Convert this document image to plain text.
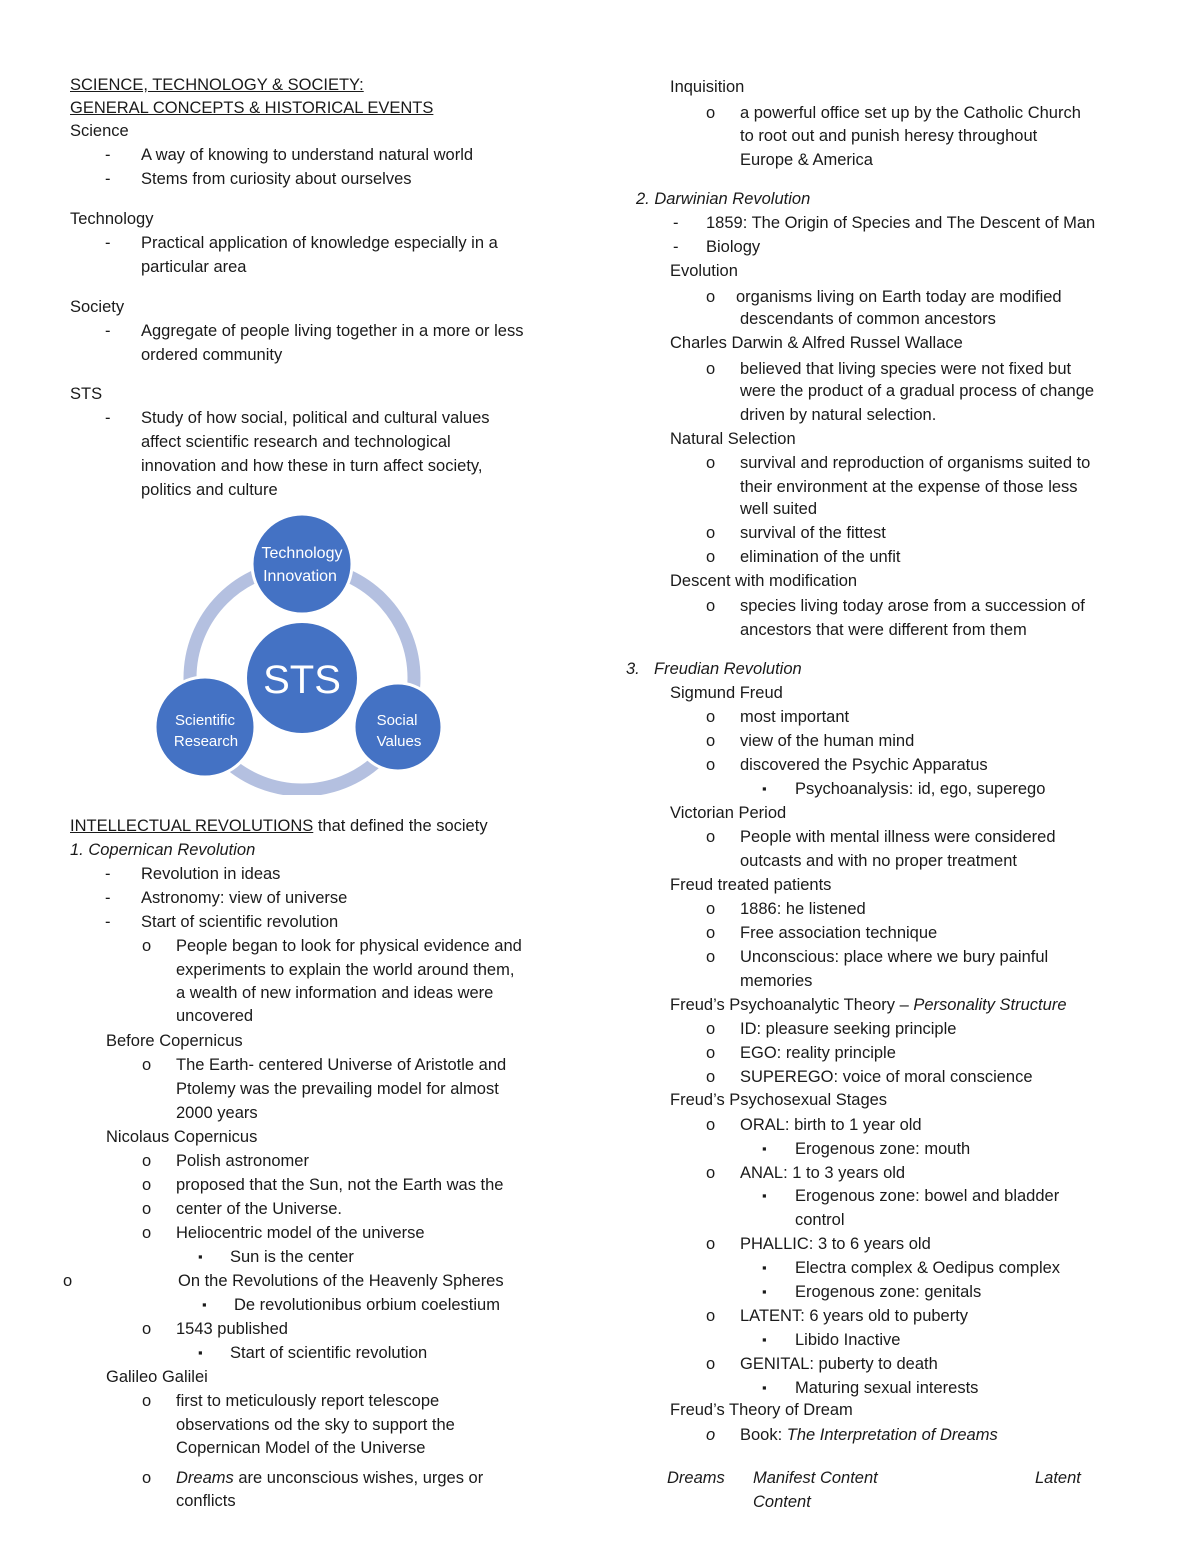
SCIENCE, TECHNOLOGY & SOCIETY:
GENERAL CONCEPTS & HISTORICAL EVENTS
Science
- A way of knowing to understand natural world
- Stems from curiosity about ourselves
Technology
- Practical application of knowledge especially in a
particular area
Society
- Aggregate of people living together in a more or less
ordered community
STS
- Study of how social, political and cultural values
affect scientific research and technological
innovation and how these in turn affect society,
politics and culture
STS
Technology
Innovation
Scientific
Research
Social
Values
INTELLECTUAL REVOLUTIONS that defined the society
1. Copernican Revolution
- Revolution in ideas
- Astronomy: view of universe
- Start of scientific revolution
o People began to look for physical evidence and
experiments to explain the world around them,
a wealth of new information and ideas were
uncovered
Before Copernicus
o The Earth- centered Universe of Aristotle and
Ptolemy was the prevailing model for almost
2000 years
Nicolaus Copernicus
o Polish astronomer
o proposed that the Sun, not the Earth was the
o center of the Universe.
o Heliocentric model of the universe
▪ Sun is the center
o	On the Revolutions of the Heavenly Spheres
▪ De revolutionibus orbium coelestium
o 1543 published
▪ Start of scientific revolution
Galileo Galilei
o first to meticulously report telescope
observations od the sky to support the
Copernican Model of the Universe
o Dreams are unconscious wishes, urges or
conflicts
Inquisition
o a powerful office set up by the Catholic Church
to root out and punish heresy throughout
Europe & America
2. Darwinian Revolution
- 1859: The Origin of Species and The Descent of Man
- Biology
Evolution
o organisms living on Earth today are modified
descendants of common ancestors
Charles Darwin & Alfred Russel Wallace
o believed that living species were not fixed but
were the product of a gradual process of change
driven by natural selection.
Natural Selection
o survival and reproduction of organisms suited to
their environment at the expense of those less
well suited
o survival of the fittest
o elimination of the unfit
Descent with modification
o species living today arose from a succession of
ancestors that were different from them
3. Freudian Revolution
Sigmund Freud
o most important
o view of the human mind
o discovered the Psychic Apparatus
▪ Psychoanalysis: id, ego, superego
Victorian Period
o People with mental illness were considered
outcasts and with no proper treatment
Freud treated patients
o 1886: he listened
o Free association technique
o Unconscious: place where we bury painful
memories
Freud’s Psychoanalytic Theory – Personality Structure
o ID: pleasure seeking principle
o EGO: reality principle
o SUPEREGO: voice of moral conscience
Freud’s Psychosexual Stages
o ORAL: birth to 1 year old
▪ Erogenous zone: mouth
o ANAL: 1 to 3 years old
▪ Erogenous zone: bowel and bladder
control
o PHALLIC: 3 to 6 years old
▪ Electra complex & Oedipus complex
▪ Erogenous zone: genitals
o LATENT: 6 years old to puberty
▪ Libido Inactive
o GENITAL: puberty to death
▪ Maturing sexual interests
Freud’s Theory of Dream
o Book: The Interpretation of Dreams
Dreams Manifest Content	Latent
Content
